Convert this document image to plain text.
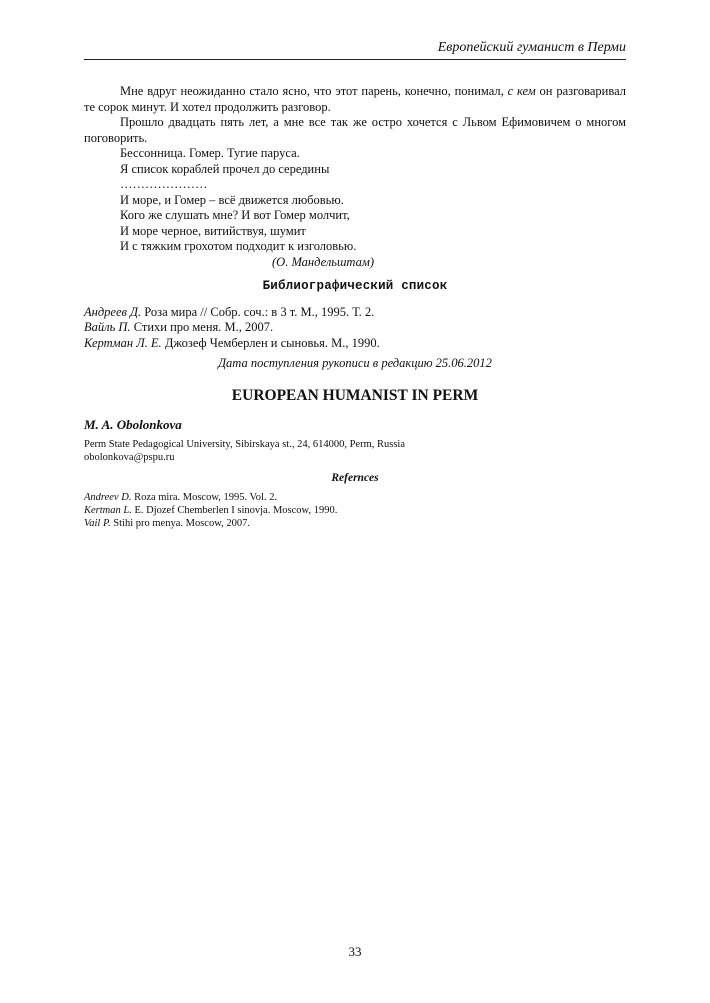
Европейский гуманист в Перми

Мне вдруг неожиданно стало ясно, что этот парень, конечно, понимал, с кем он разговаривал те сорок минут. И хотел продолжить разговор.

Прошло двадцать пять лет, а мне все так же остро хочется с Львом Ефимовичем о многом поговорить.

Бессонница. Гомер. Тугие паруса.
Я список кораблей прочел до середины
…………………
И море, и Гомер – всё движется любовью.
Кого же слушать мне? И вот Гомер молчит,
И море черное, витийствуя, шумит
И с тяжким грохотом подходит к изголовью.
(О. Мандельштам)
Библиографический список

Андреев Д. Роза мира // Собр. соч.: в 3 т. М., 1995. Т. 2.

Вайль П. Стихи про меня. М., 2007.

Кертман Л. Е. Джозеф Чемберлен и сыновья. М., 1990.

Дата поступления рукописи в редакцию 25.06.2012
EUROPEAN HUMANIST IN PERM
M. A. Obolonkova
Perm State Pedagogical University, Sibirskaya st., 24, 614000, Perm, Russia
obolonkova@pspu.ru
Refernces
Andreev D. Roza mira. Moscow, 1995. Vol. 2.
Kertman L. E. Djozef Chemberlen I sinovja. Moscow, 1990.
Vail P. Stihi pro menya. Moscow, 2007.
33
